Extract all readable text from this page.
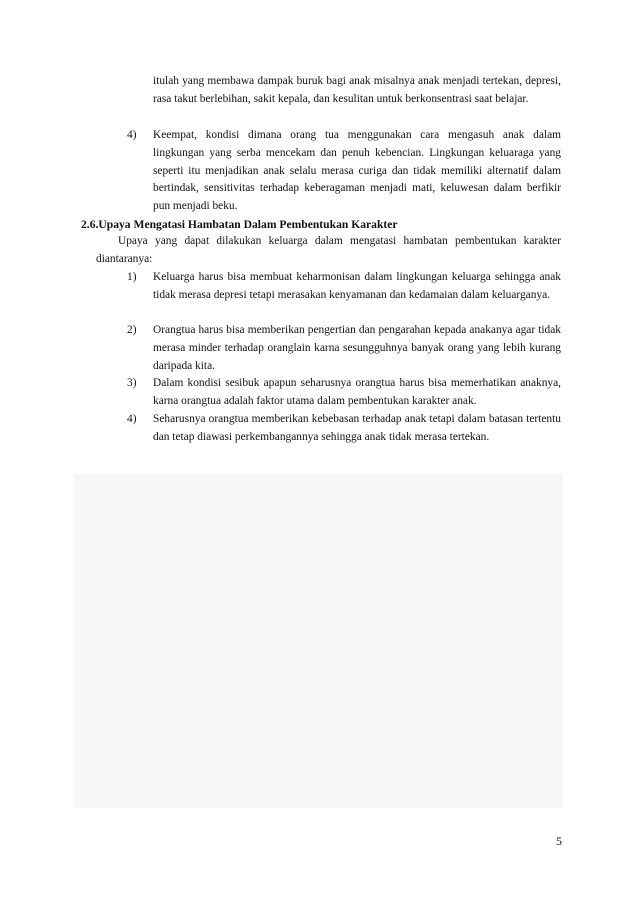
itulah yang membawa dampak buruk bagi anak misalnya anak menjadi tertekan, depresi, rasa takut berlebihan, sakit kepala, dan kesulitan untuk berkonsentrasi saat belajar.
4)	Keempat, kondisi dimana orang tua menggunakan cara mengasuh anak dalam lingkungan yang serba mencekam dan penuh kebencian. Lingkungan keluaraga yang seperti itu menjadikan anak selalu merasa curiga dan tidak memiliki alternatif dalam bertindak, sensitivitas terhadap keberagaman menjadi mati, keluwesan dalam berfikir pun menjadi beku.
2.6.Upaya Mengatasi Hambatan Dalam Pembentukan Karakter
Upaya yang dapat dilakukan keluarga dalam mengatasi hambatan pembentukan karakter diantaranya:
1)	Keluarga harus bisa membuat keharmonisan dalam lingkungan keluarga sehingga anak tidak merasa depresi tetapi merasakan kenyamanan dan kedamaian dalam keluarganya.
2)	Orangtua harus bisa memberikan pengertian dan pengarahan kepada anakanya agar tidak merasa minder terhadap oranglain karna sesungguhnya banyak orang yang lebih kurang daripada kita.
3)	Dalam kondisi sesibuk apapun seharusnya orangtua harus bisa memerhatikan anaknya, karna orangtua adalah faktor utama dalam pembentukan karakter anak.
4)	Seharusnya orangtua memberikan kebebasan terhadap anak tetapi dalam batasan tertentu dan tetap diawasi perkembangannya sehingga anak tidak merasa tertekan.
5
